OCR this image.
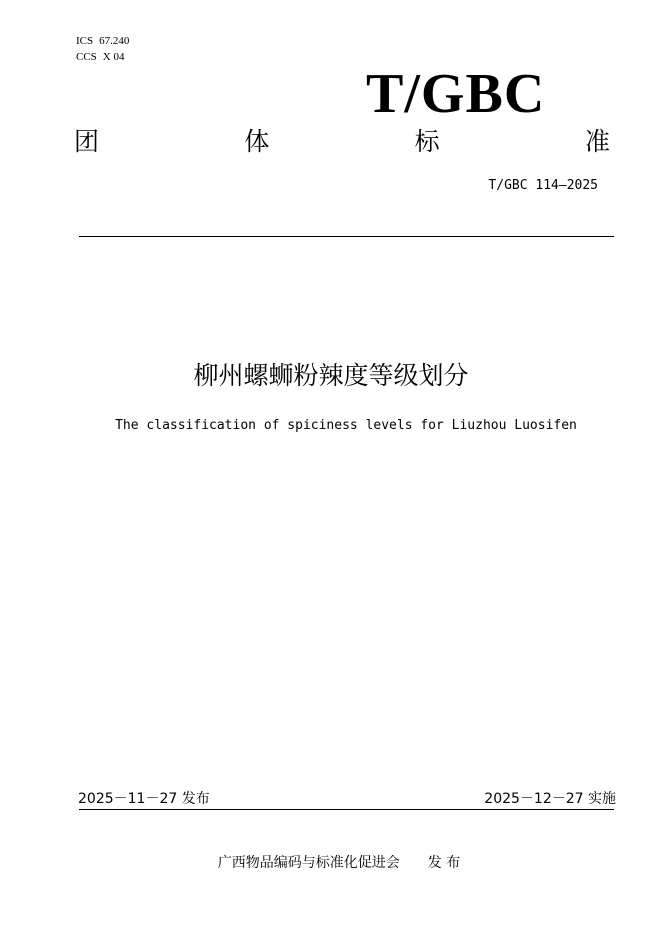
ICS 67.240
CCS X 04
T/GBC
团	体	标	准
T/GBC 114—2025
柳州螺蛳粉辣度等级划分
The classification of spiciness levels for Liuzhou Luosifen
2025－11－27 发布	2025－12－27 实施
广西物品编码与标准化促进会 发 布
